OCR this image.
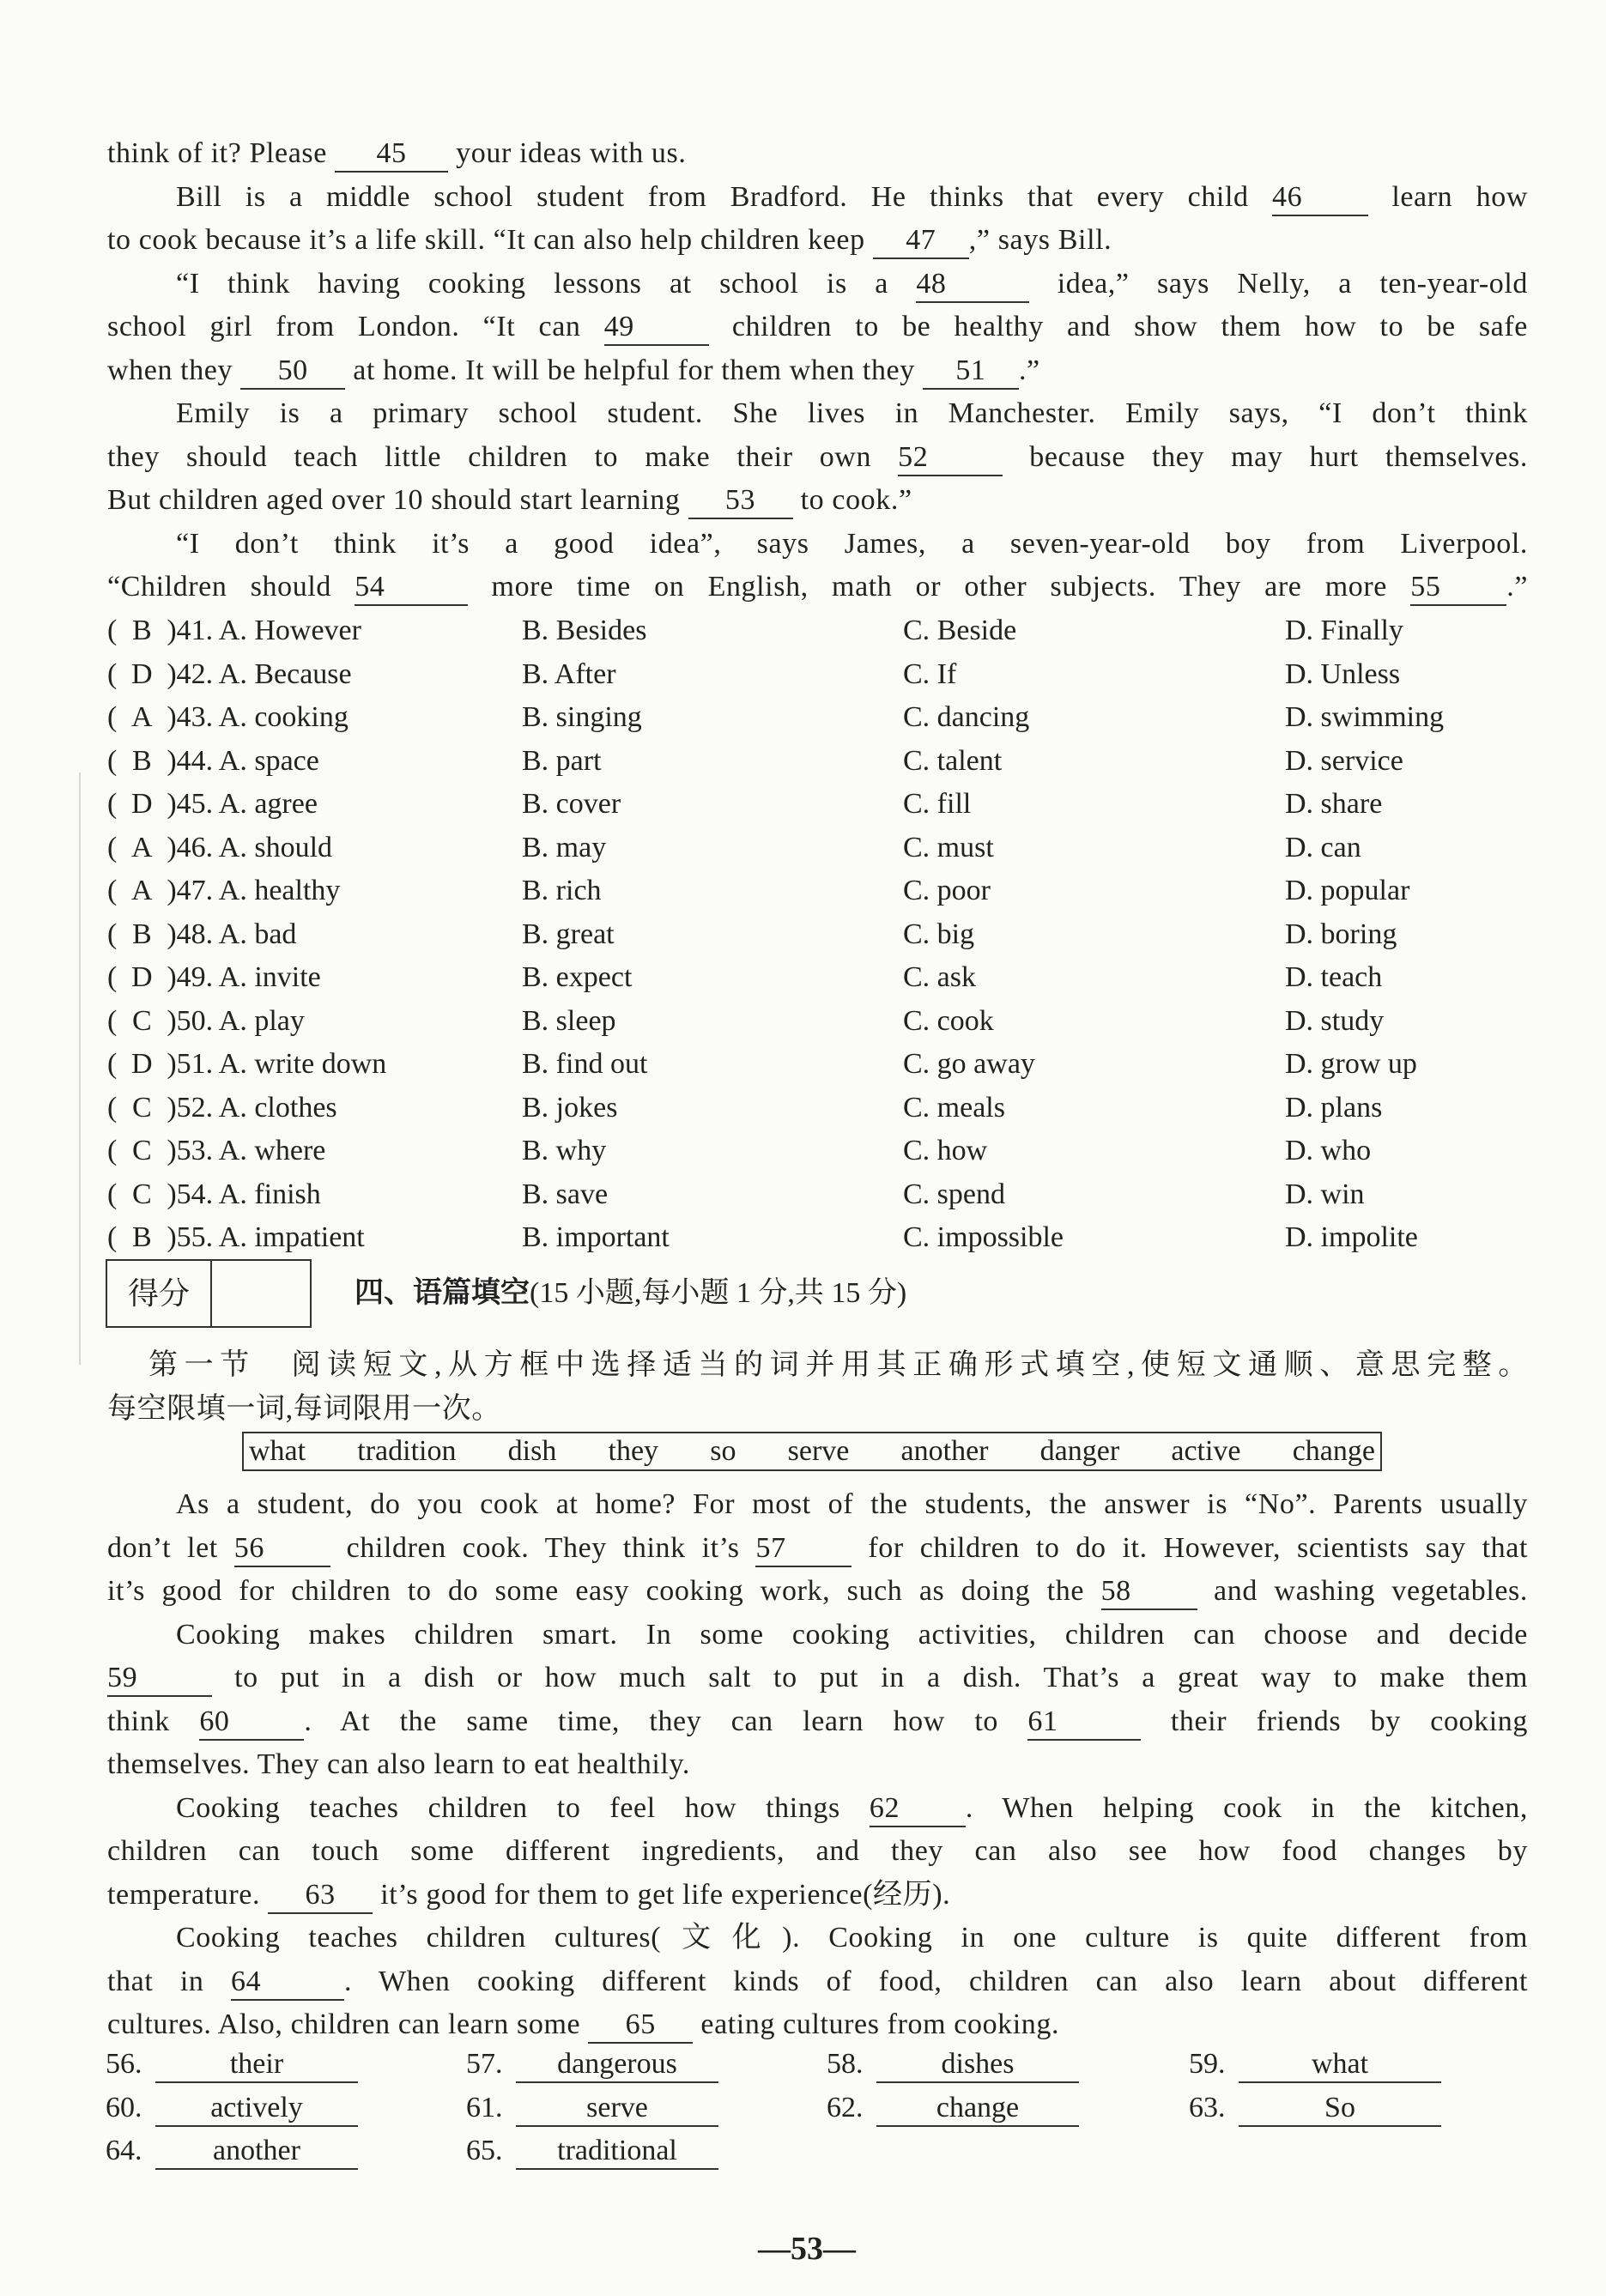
think of it? Please 45 your ideas with us.
Bill is a middle school student from Bradford. He thinks that every child 46 learn how
to cook because it’s a life skill. “It can also help children keep 47 ,” says Bill.
“I think having cooking lessons at school is a 48	idea,” says Nelly, a ten-year-old
school girl from London. “It can 49	children to be healthy and show them how to be safe
when they 50 at home. It will be helpful for them when they 51 .”
Emily is a primary school student. She lives in Manchester. Emily says, “I don’t think
they should teach little children to make their own 52	because they may hurt themselves.
But children aged over 10 should start learning 53 to cook.”
“I don’t think it’s a good idea”, says James, a seven-year-old boy from Liverpool.
“Children should 54	more time on English, math or other subjects. They are more 55 .”
( B )41. A. However	B. Besides	C. Beside	D. Finally
( D )42. A. Because	B. After	C. If	D. Unless
( A )43. A. cooking	B. singing	C. dancing	D. swimming
( B )44. A. space	B. part	C. talent	D. service
( D )45. A. agree	B. cover	C. fill	D. share
( A )46. A. should	B. may	C. must	D. can
( A )47. A. healthy	B. rich	C. poor	D. popular
( B )48. A. bad	B. great	C. big	D. boring
( D )49. A. invite	B. expect	C. ask	D. teach
( C )50. A. play	B. sleep	C. cook	D. study
( D )51. A. write down	B. find out	C. go away	D. grow up
( C )52. A. clothes	B. jokes	C. meals	D. plans
( C )53. A. where	B. why	C. how	D. who
( C )54. A. finish	B. save	C. spend	D. win
( B )55. A. impatient	B. important	C. impossible	D. impolite
得分	四、语篇填空(15 小题,每小题 1 分,共 15 分)
第一节　阅读短文,从方框中选择适当的词并用其正确形式填空,使短文通顺、意思完整。
每空限填一词,每词限用一次。
what tradition dish they so serve another danger active change
As a student, do you cook at home? For most of the students, the answer is “No”. Parents usually
don’t let 56 children cook. They think it’s 57 for children to do it. However, scientists say that
it’s good for children to do some easy cooking work, such as doing the 58 and washing vegetables.
Cooking makes children smart. In some cooking activities, children can choose and decide
59	to put in a dish or how much salt to put in a dish. That’s a great way to make them
think 60	. At the same time, they can learn how to 61	their friends by cooking
themselves. They can also learn to eat healthily.
Cooking teaches children to feel how things 62 . When helping cook in the kitchen,
children can touch some different ingredients, and they can also see how food changes by
temperature. 63 it’s good for them to get life experience(经历).
Cooking teaches children cultures(文化). Cooking in one culture is quite different from
that in 64	. When cooking different kinds of food, children can also learn about different
cultures. Also, children can learn some 65 eating cultures from cooking.
56.	their	57. dangerous	58.	dishes	59.	what
60. actively	61.	serve	62.	change	63.	So
64. another	65. traditional
—53—
